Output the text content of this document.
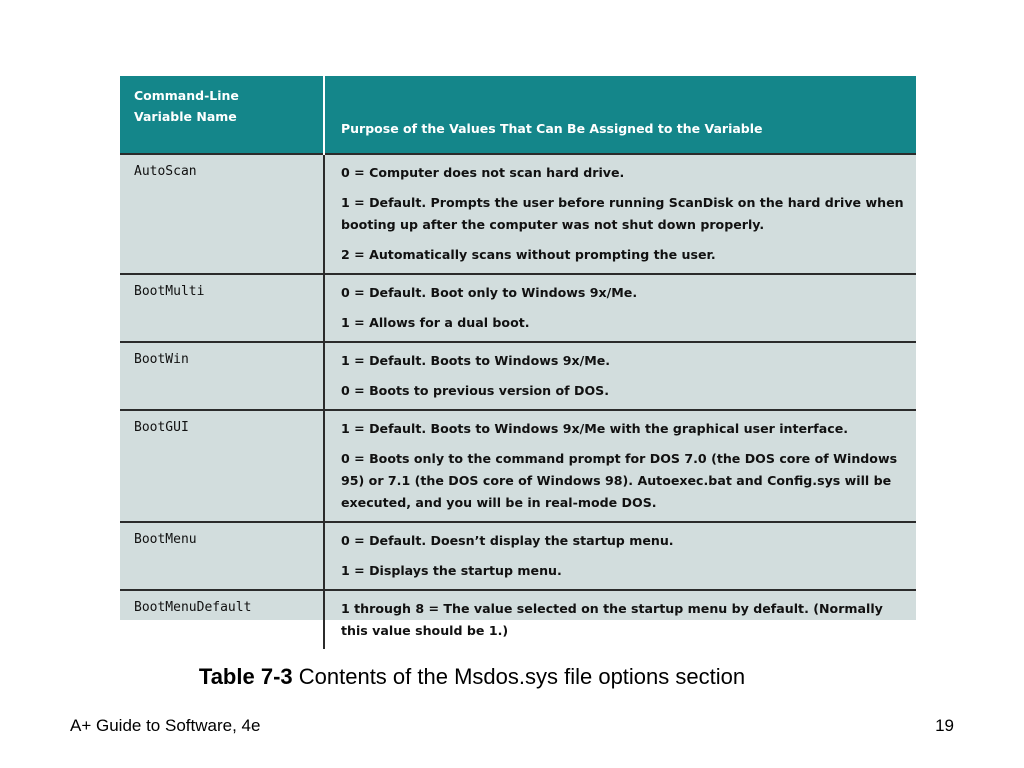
Command-Line
Variable Name	Purpose of the Values That Can Be Assigned to the Variable
AutoScan	0 = Computer does not scan hard drive.
1 = Default. Prompts the user before running ScanDisk on the hard drive when booting up after the computer was not shut down properly.
2 = Automatically scans without prompting the user.

BootMulti	0 = Default. Boot only to Windows 9x/Me.
1 = Allows for a dual boot.

BootWin	1 = Default. Boots to Windows 9x/Me.
0 = Boots to previous version of DOS.

BootGUI	1 = Default. Boots to Windows 9x/Me with the graphical user interface.
0 = Boots only to the command prompt for DOS 7.0 (the DOS core of Windows 95) or 7.1 (the DOS core of Windows 98). Autoexec.bat and Config.sys will be executed, and you will be in real-mode DOS.

BootMenu	0 = Default. Doesn’t display the startup menu.
1 = Displays the startup menu.

BootMenuDefault	1 through 8 = The value selected on the startup menu by default. (Normally this value should be 1.)
Table 7-3 Contents of the Msdos.sys file options section
A+ Guide to Software, 4e	19
